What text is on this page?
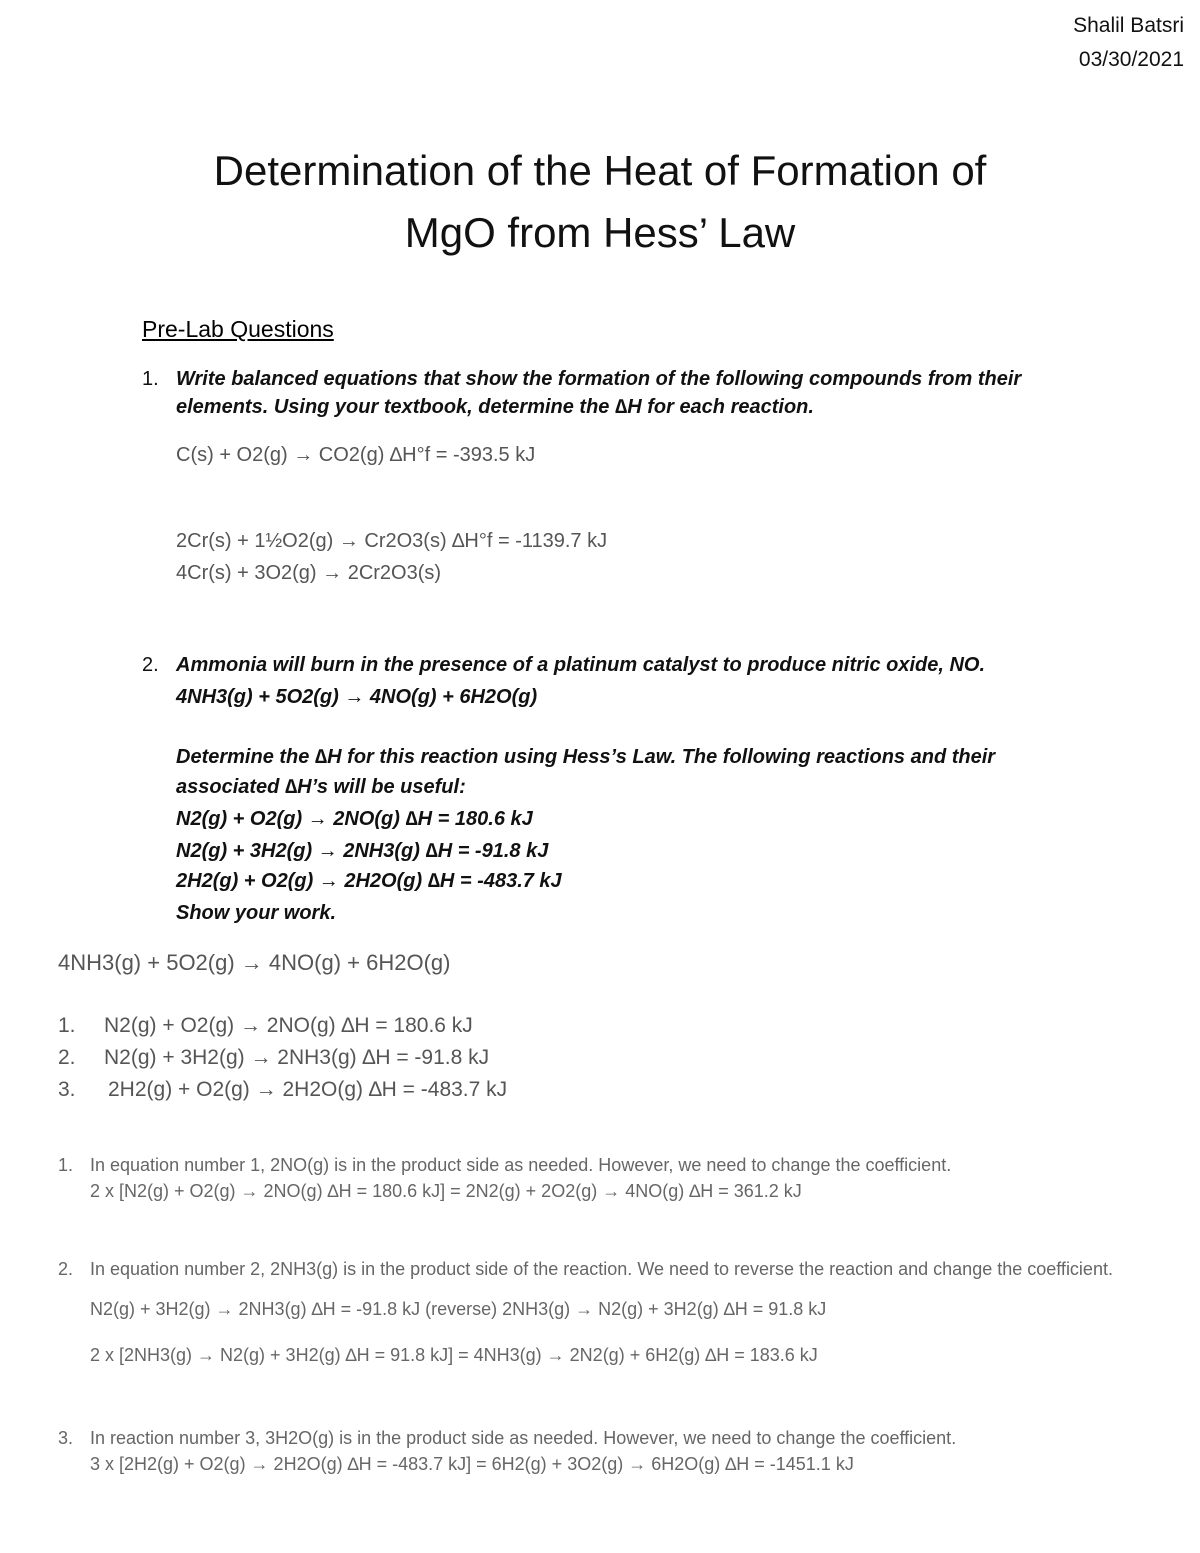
Shalil Batsri
03/30/2021
Determination of the Heat of Formation of
MgO from Hess’ Law
Pre-Lab Questions
1. Write balanced equations that show the formation of the following compounds from their
elements. Using your textbook, determine the ∆H for each reaction.
C(s) + O2(g) → CO2(g) ∆H°f = -393.5 kJ
2Cr(s) + 1½O2(g) → Cr2O3(s) ∆H°f = -1139.7 kJ
4Cr(s) + 3O2(g) → 2Cr2O3(s)
2. Ammonia will burn in the presence of a platinum catalyst to produce nitric oxide, NO.
4NH3(g) + 5O2(g) → 4NO(g) + 6H2O(g)
Determine the ∆H for this reaction using Hess’s Law. The following reactions and their
associated ∆H’s will be useful:
N2(g) + O2(g) → 2NO(g) ∆H = 180.6 kJ
N2(g) + 3H2(g) → 2NH3(g) ∆H = -91.8 kJ
2H2(g) + O2(g) → 2H2O(g) ∆H = -483.7 kJ
Show your work.
4NH3(g) + 5O2(g) → 4NO(g) + 6H2O(g)
1. N2(g) + O2(g) → 2NO(g) ∆H = 180.6 kJ
2. N2(g) + 3H2(g) → 2NH3(g) ∆H = -91.8 kJ
3. 2H2(g) + O2(g) → 2H2O(g) ∆H = -483.7 kJ
1. In equation number 1, 2NO(g) is in the product side as needed. However, we need to change the coefficient.
2 x [N2(g) + O2(g) → 2NO(g) ∆H = 180.6 kJ] = 2N2(g) + 2O2(g) → 4NO(g) ∆H = 361.2 kJ
2. In equation number 2, 2NH3(g) is in the product side of the reaction. We need to reverse the reaction and change the coefficient.
N2(g) + 3H2(g) → 2NH3(g) ∆H = -91.8 kJ (reverse) 2NH3(g) → N2(g) + 3H2(g) ∆H = 91.8 kJ
2 x [2NH3(g) → N2(g) + 3H2(g) ∆H = 91.8 kJ] = 4NH3(g) → 2N2(g) + 6H2(g) ∆H = 183.6 kJ
3. In reaction number 3, 3H2O(g) is in the product side as needed. However, we need to change the coefficient.
3 x [2H2(g) + O2(g) → 2H2O(g) ∆H = -483.7 kJ] = 6H2(g) + 3O2(g) → 6H2O(g) ∆H = -1451.1 kJ
